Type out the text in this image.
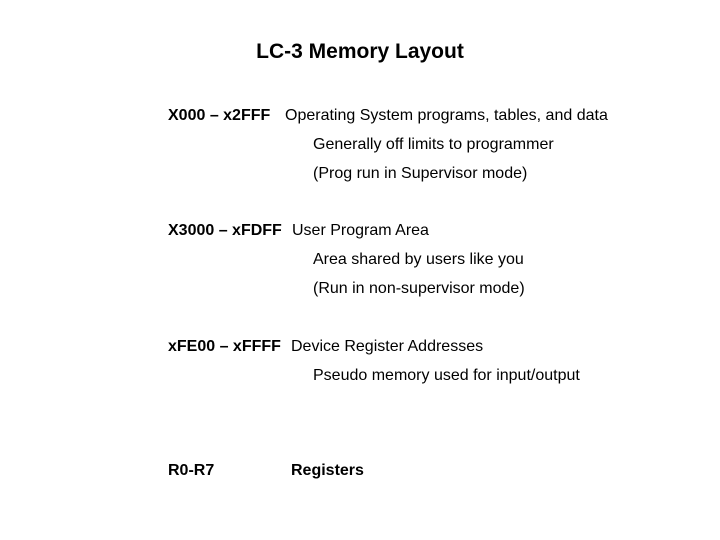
LC-3 Memory Layout
X000 – x2FFF Operating System programs, tables, and data
Generally off limits to programmer
(Prog run in Supervisor mode)
X3000 – xFDFF User Program Area
Area shared by users like you
(Run in non-supervisor mode)
xFE00 – xFFFF Device Register Addresses
Pseudo memory used for input/output
R0-R7	Registers
